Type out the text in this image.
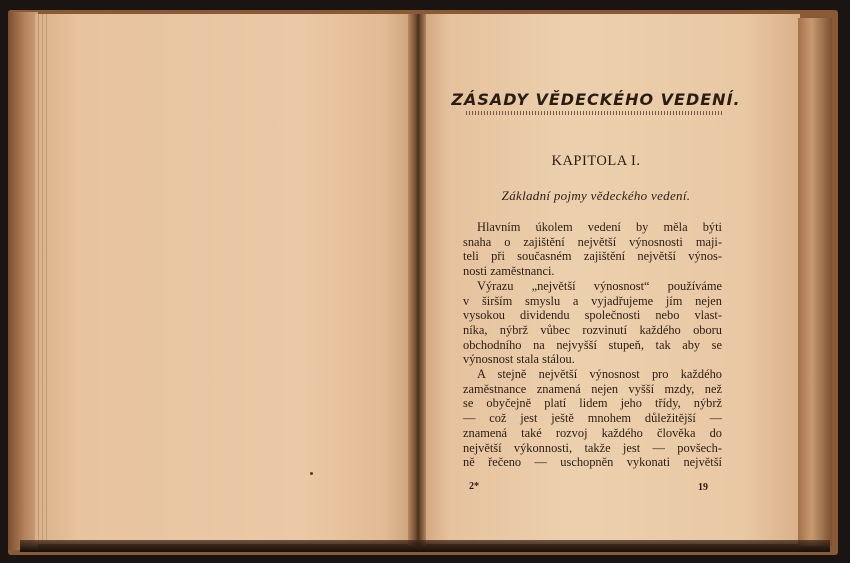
ZÁSADY VĚDECKÉHO VEDENÍ.
KAPITOLA I.
Základní pojmy vědeckého vedení.
Hlavním úkolem vedení by měla býti
snaha o zajištění největší výnosnosti maji-
teli při současném zajištění největší výnos-
nosti zaměstnanci.
Výrazu „největší výnosnost“ používáme
v širším smyslu a vyjadřujeme jím nejen
vysokou dividendu společnosti nebo vlast-
níka, nýbrž vůbec rozvinutí každého oboru
obchodního na nejvyšší stupeň, tak aby se
výnosnost stala stálou.
A stejně největší výnosnost pro každého
zaměstnance znamená nejen vyšší mzdy, než
se obyčejně platí lidem jeho třídy, nýbrž
— což jest ještě mnohem důležitější —
znamená také rozvoj každého člověka do
největší výkonnosti, takže jest — povšech-
ně řečeno — uschopněn vykonati největší
2*	19
